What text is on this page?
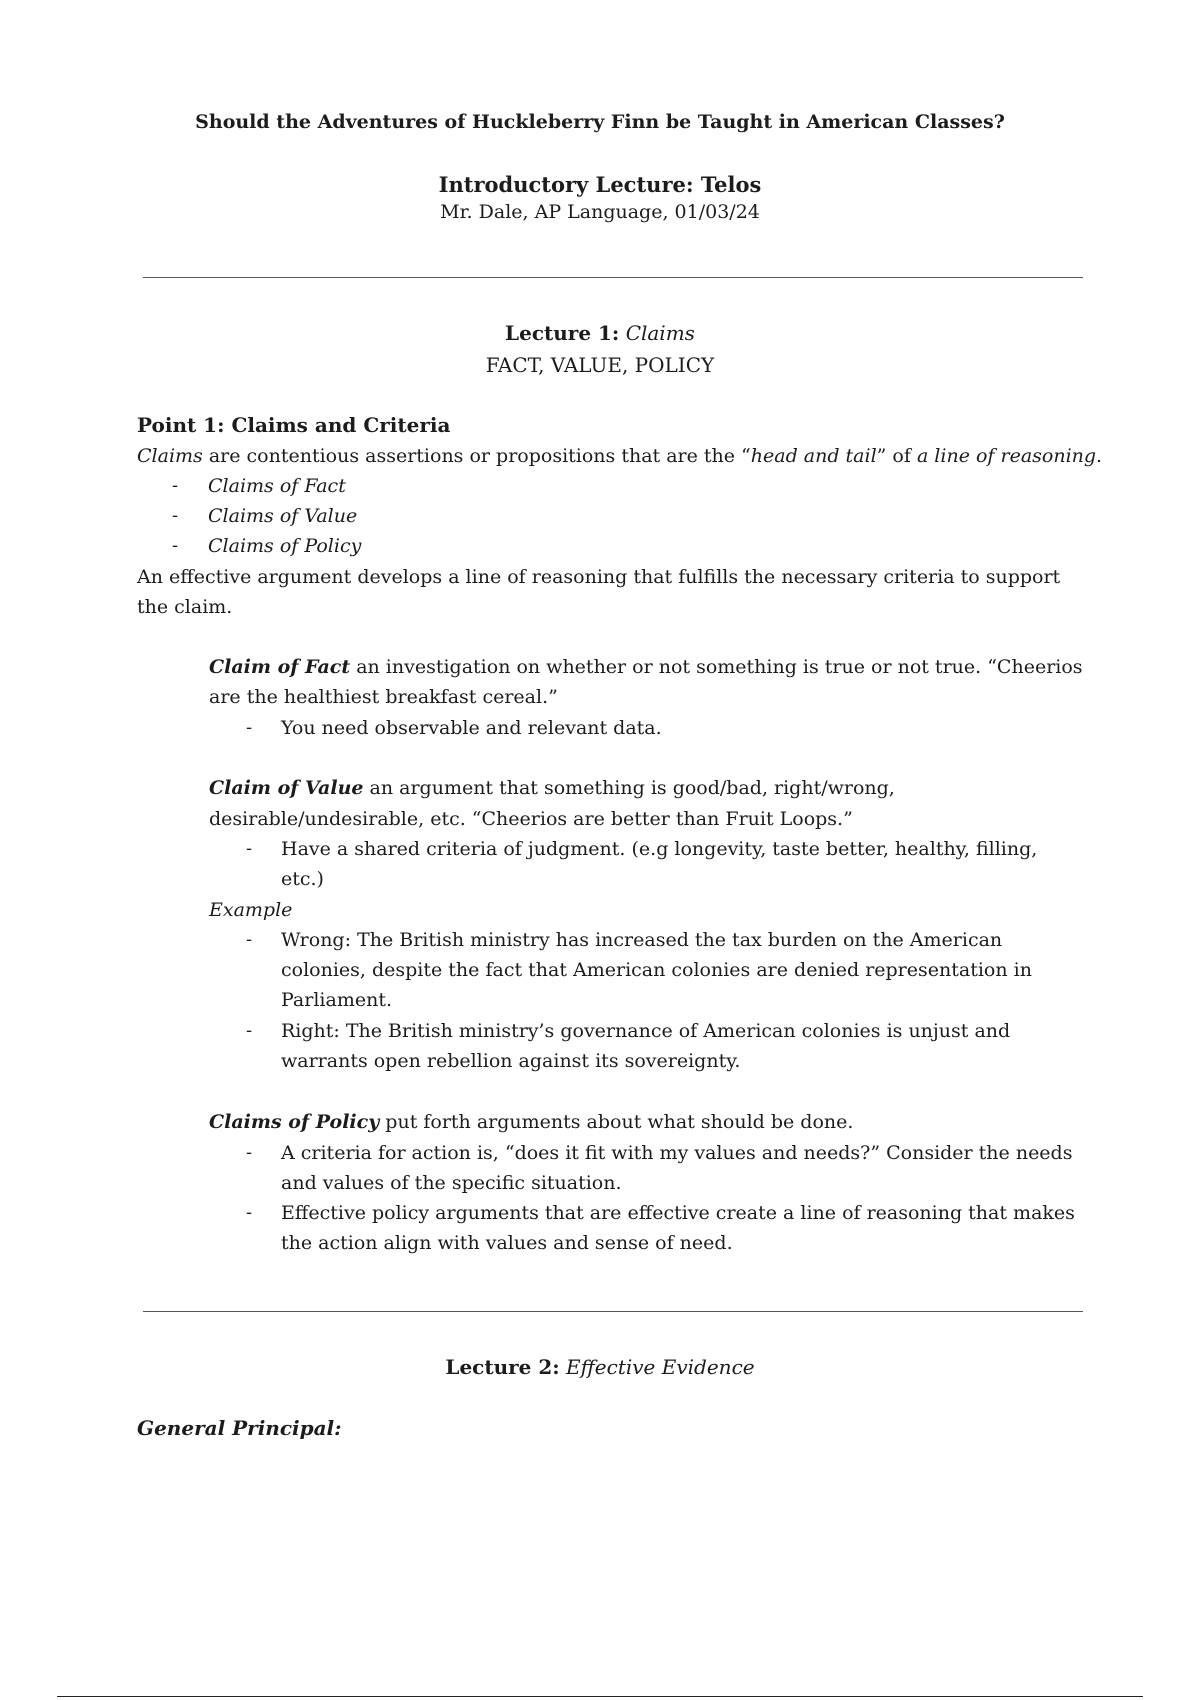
Should the Adventures of Huckleberry Finn be Taught in American Classes?
Introductory Lecture: Telos
Mr. Dale, AP Language, 01/03/24
Lecture 1: Claims
FACT, VALUE, POLICY
Point 1: Claims and Criteria
Claims are contentious assertions or propositions that are the “head and tail” of a line of reasoning.
- Claims of Fact
- Claims of Value
- Claims of Policy
An effective argument develops a line of reasoning that fulfills the necessary criteria to support
the claim.
Claim of Fact an investigation on whether or not something is true or not true. “Cheerios
are the healthiest breakfast cereal.”
- You need observable and relevant data.
Claim of Value an argument that something is good/bad, right/wrong,
desirable/undesirable, etc. “Cheerios are better than Fruit Loops.”
- Have a shared criteria of judgment. (e.g longevity, taste better, healthy, filling,
etc.)
Example
- Wrong: The British ministry has increased the tax burden on the American
colonies, despite the fact that American colonies are denied representation in
Parliament.
- Right: The British ministry’s governance of American colonies is unjust and
warrants open rebellion against its sovereignty.
Claims of Policy put forth arguments about what should be done.
- A criteria for action is, “does it fit with my values and needs?” Consider the needs
and values of the specific situation.
- Effective policy arguments that are effective create a line of reasoning that makes
the action align with values and sense of need.
Lecture 2: Effective Evidence
General Principal:
